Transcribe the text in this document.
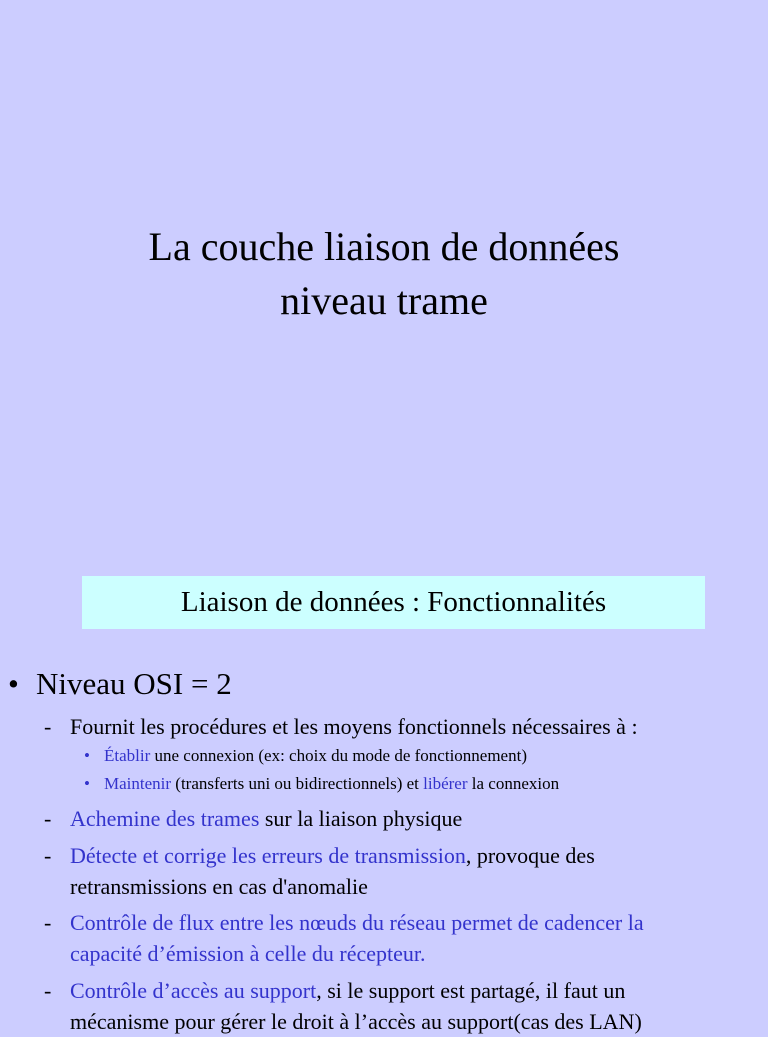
La couche liaison de données
niveau trame
Liaison de données : Fonctionnalités
• Niveau OSI = 2
- Fournit les procédures et les moyens fonctionnels nécessaires à :
• Établir une connexion (ex: choix du mode de fonctionnement)
• Maintenir (transferts uni ou bidirectionnels) et libérer la connexion
- Achemine des trames sur la liaison physique
- Détecte et corrige les erreurs de transmission, provoque des
retransmissions en cas d'anomalie
- Contrôle de flux entre les nœuds du réseau permet de cadencer la
capacité d’émission à celle du récepteur.
- Contrôle d’accès au support, si le support est partagé, il faut un
mécanisme pour gérer le droit à l’accès au support(cas des LAN)
